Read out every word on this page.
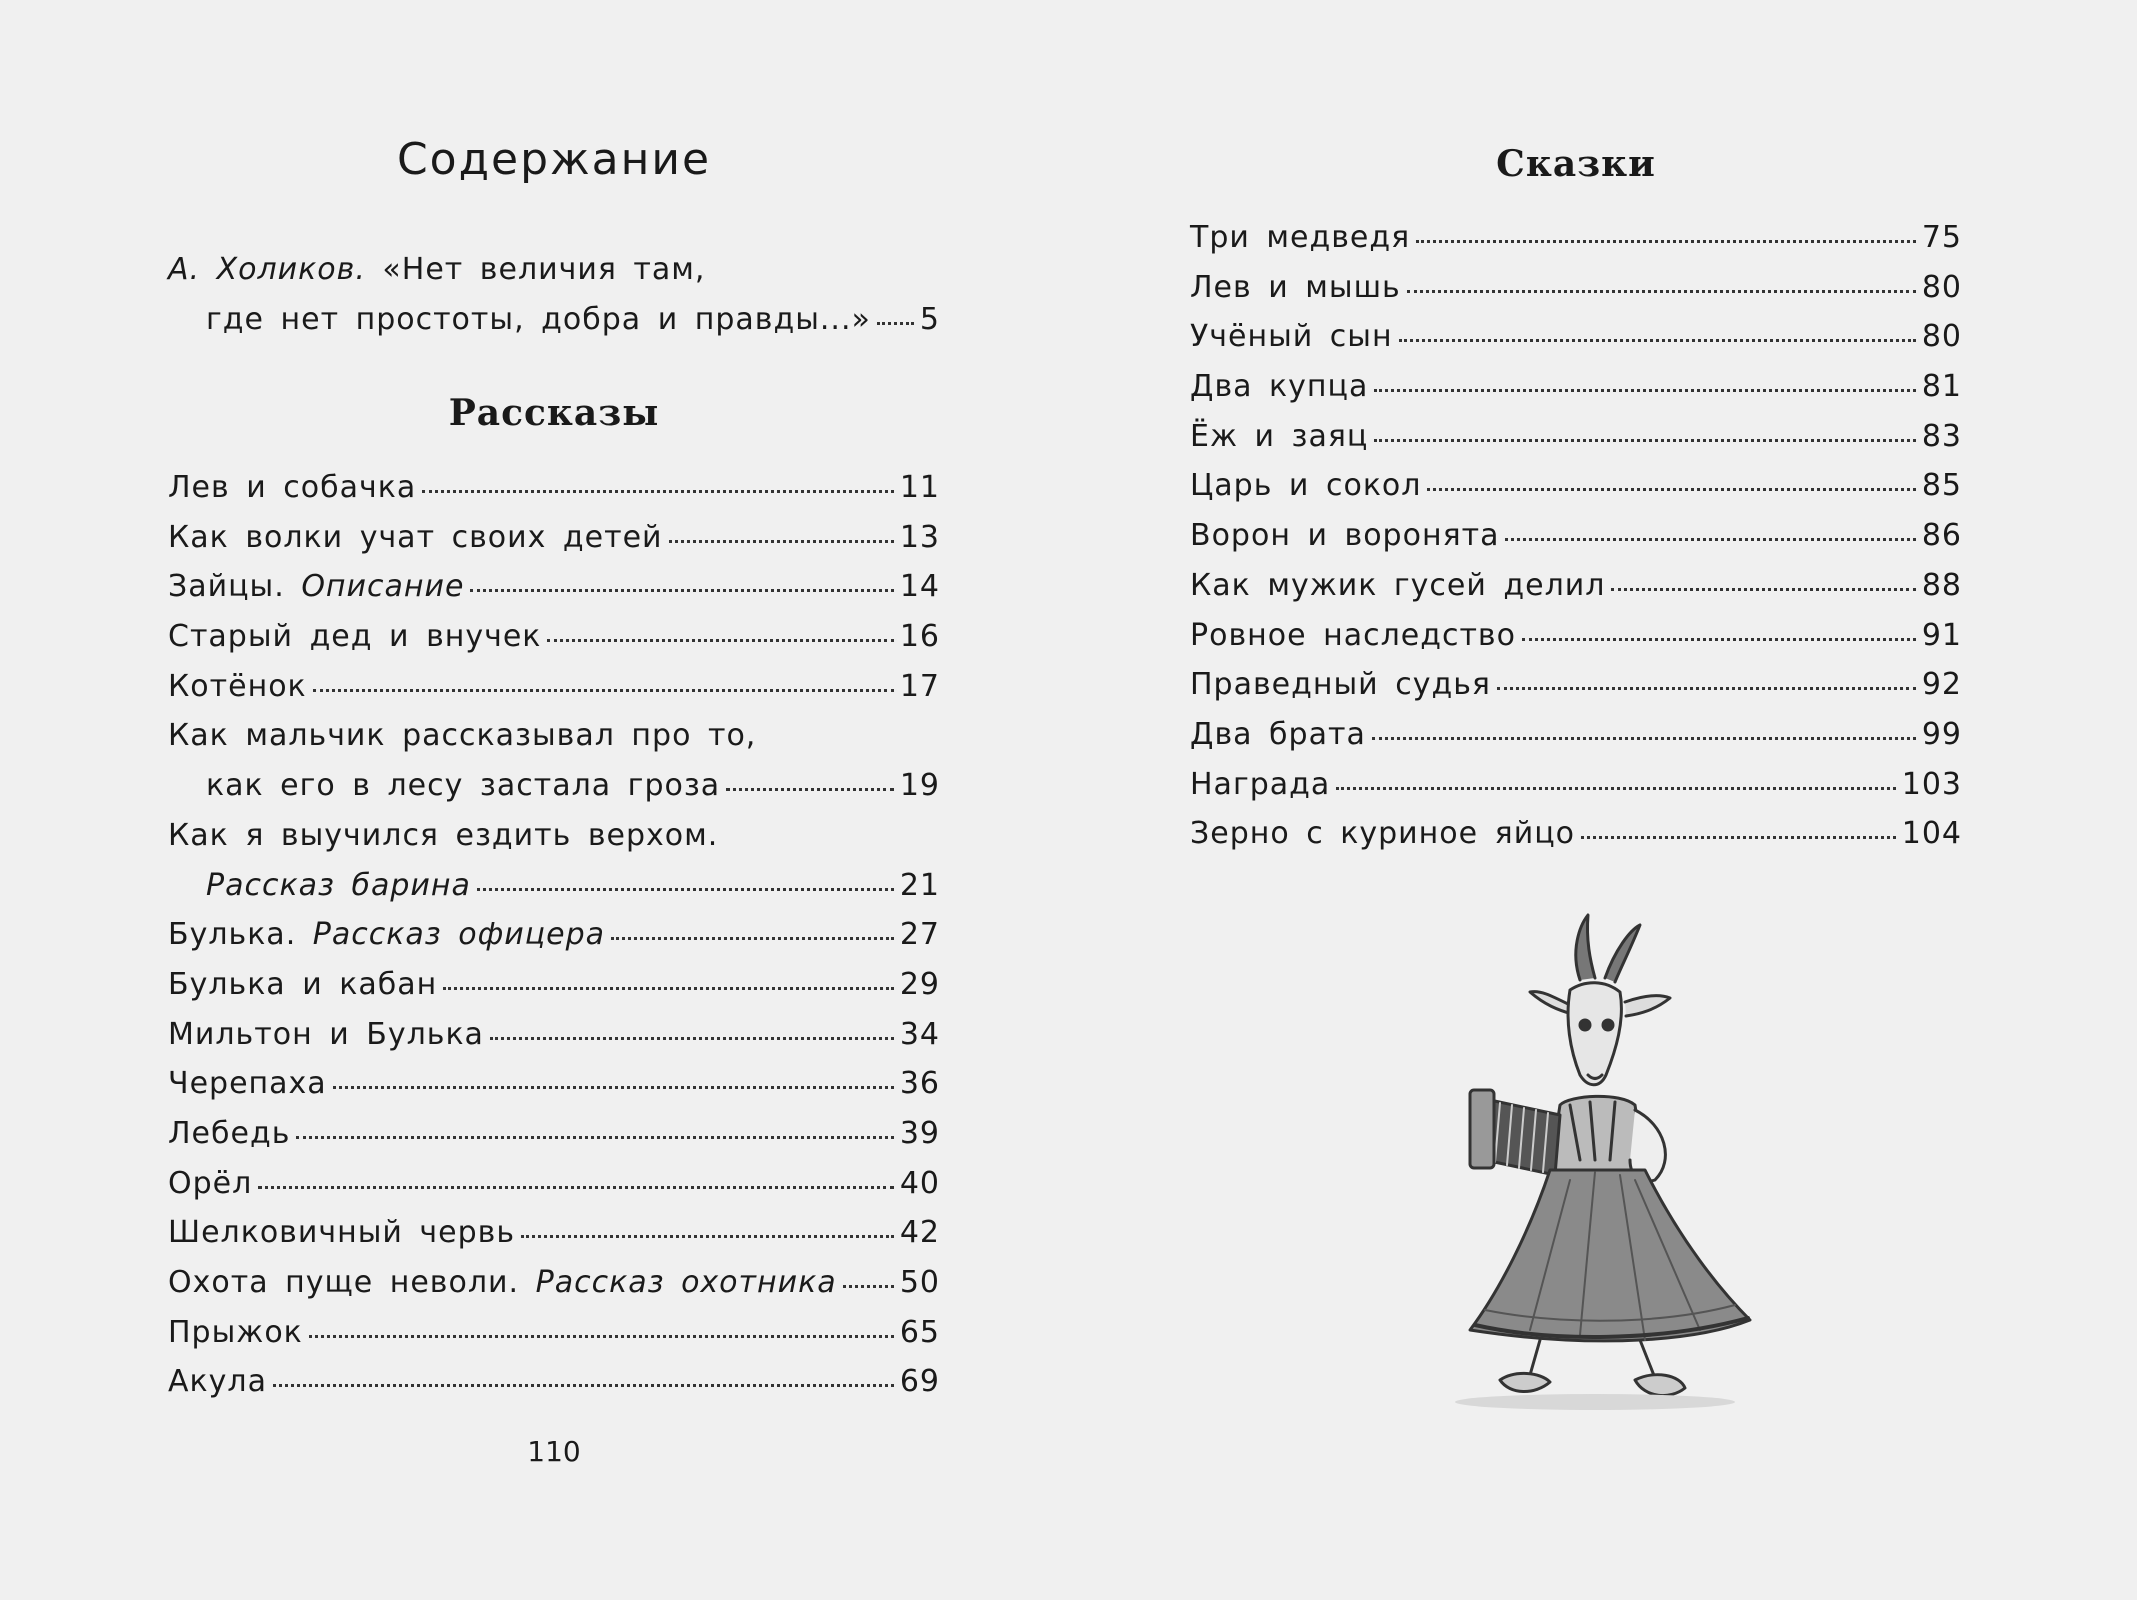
Содержание
А. Холиков. «Нет величия там,
где нет простоты, добра и правды...» 5
Рассказы
Лев и собачка	11
Как волки учат своих детей	13
Зайцы. Описание	14
Старый дед и внучек	16
Котёнок	17
Как мальчик рассказывал про то,
как его в лесу застала гроза	19
Как я выучился ездить верхом.
Рассказ барина	21
Булька. Рассказ офицера	27
Булька и кабан	29
Мильтон и Булька	34
Черепаха	36
Лебедь	39
Орёл	40
Шелковичный червь	42
Охота пуще неволи. Рассказ охотника 50
Прыжок	65
Акула	69
110
Сказки
Три медведя	75
Лев и мышь	80
Учёный сын	80
Два купца	81
Ёж и заяц	83
Царь и сокол	85
Ворон и воронята	86
Как мужик гусей делил	88
Ровное наследство	91
Праведный судья	92
Два брата	99
Награда	103
Зерно с куриное яйцо	104
